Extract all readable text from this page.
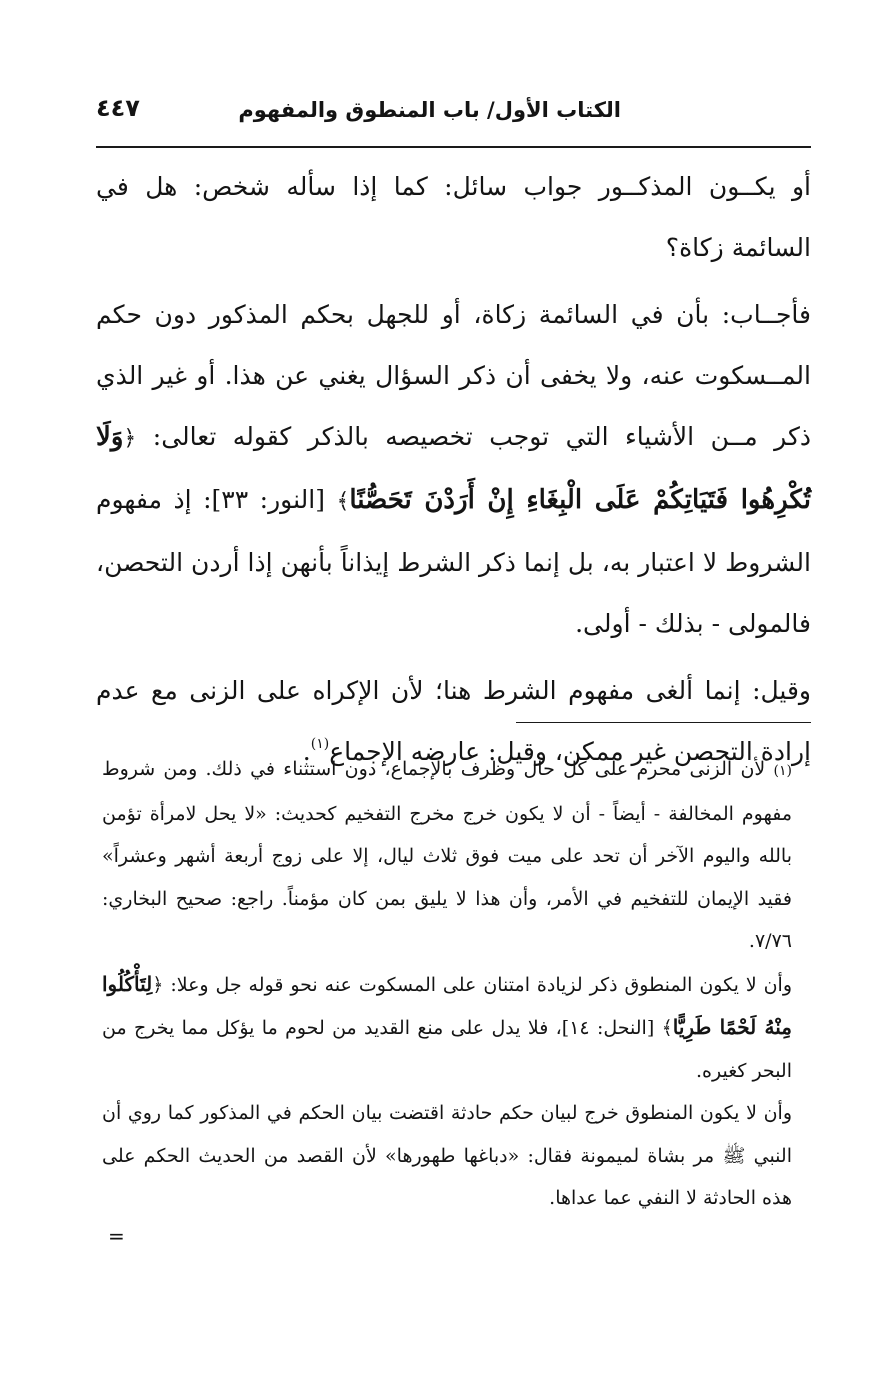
الكتاب الأول/ باب المنطوق والمفهوم
٤٤٧

أو يكــون المذكــور جواب سائل: كما إذا سأله شخص: هل في السائمة زكاة؟

فأجــاب: بأن في السائمة زكاة، أو للجهل بحكم المذكور دون حكم المــسكوت عنه، ولا يخفى أن ذكر السؤال يغني عن هذا. أو غير الذي ذكر مــن الأشياء التي توجب تخصيصه بالذكر كقوله تعالى: ﴿وَلَا تُكْرِهُوا فَتَيَاتِكُمْ عَلَى الْبِغَاءِ إِنْ أَرَدْنَ تَحَصُّنًا﴾ [النور: ٣٣]: إذ مفهوم الشروط لا اعتبار به، بل إنما ذكر الشرط إيذاناً بأنهن إذا أردن التحصن، فالمولى - بذلك - أولى.

وقيل: إنما ألغى مفهوم الشرط هنا؛ لأن الإكراه على الزنى مع عدم إرادة التحصن غير ممكن، وقيل: عارضه الإجماع$^{(١)}$.

(١) لأن الزنى محرم على كل حال وظرف بالإجماع، دون استثناء في ذلك. ومن شروط مفهوم المخالفة - أيضاً - أن لا يكون خرج مخرج التفخيم كحديث: «لا يحل لامرأة تؤمن بالله واليوم الآخر أن تحد على ميت فوق ثلاث ليال، إلا على زوج أربعة أشهر وعشراً» فقيد الإيمان للتفخيم في الأمر، وأن هذا لا يليق بمن كان مؤمناً. راجع: صحيح البخاري: ٧/٧٦.

وأن لا يكون المنطوق ذكر لزيادة امتنان على المسكوت عنه نحو قوله جل وعلا: ﴿لِتَأْكُلُوا مِنْهُ لَحْمًا طَرِيًّا﴾ [النحل: ١٤]، فلا يدل على منع القديد من لحوم ما يؤكل مما يخرج من البحر كغيره.

وأن لا يكون المنطوق خرج لبيان حكم حادثة اقتضت بيان الحكم في المذكور كما روي أن النبي ﷺ مر بشاة لميمونة فقال: «دباغها طهورها» لأن القصد من الحديث الحكم على هذه الحادثة لا النفي عما عداها.

=
